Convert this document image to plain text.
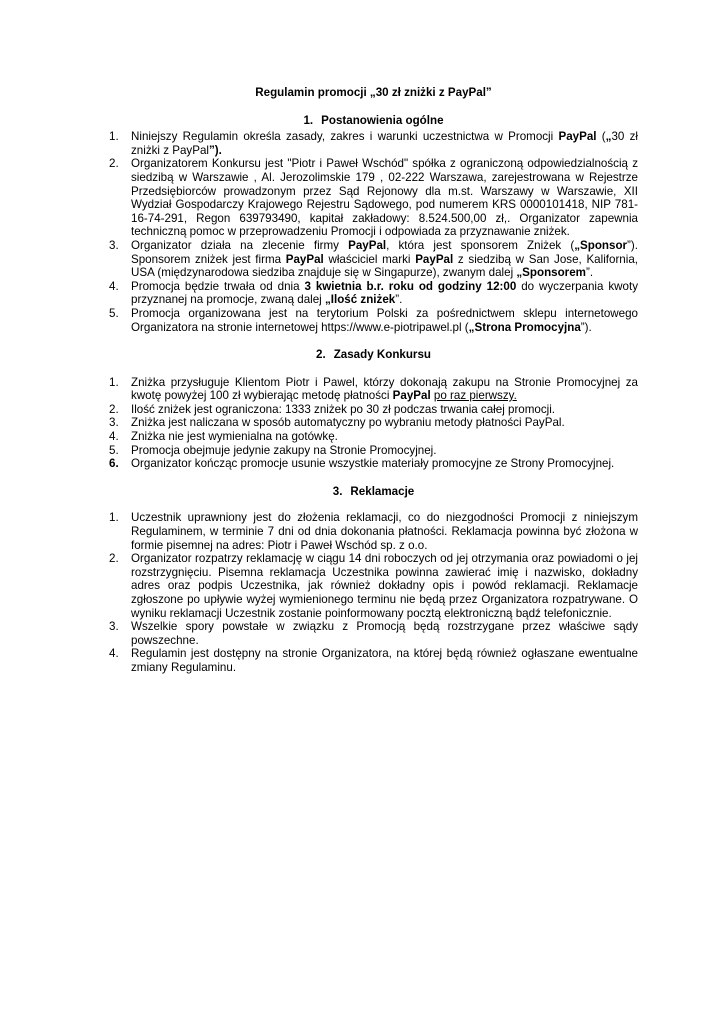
Regulamin promocji „30 zł zniżki z PayPal”
1. Postanowienia ogólne
1.	Niniejszy Regulamin określa zasady, zakres i warunki uczestnictwa w Promocji PayPal („30 zł zniżki z PayPal”).
2.	Organizatorem Konkursu jest "Piotr i Paweł Wschód" spółka z ograniczoną odpowiedzialnością z siedzibą w Warszawie , Al. Jerozolimskie 179 , 02-222 Warszawa, zarejestrowana w Rejestrze Przedsiębiorców prowadzonym przez Sąd Rejonowy dla m.st. Warszawy w Warszawie, XII Wydział Gospodarczy Krajowego Rejestru Sądowego, pod numerem KRS 0000101418, NIP 781-16-74-291, Regon 639793490, kapitał zakładowy: 8.524.500,00 zł,. Organizator zapewnia techniczną pomoc w przeprowadzeniu Promocji i odpowiada za przyznawanie zniżek.
3.	Organizator działa na zlecenie firmy PayPal, która jest sponsorem Zniżek („Sponsor”). Sponsorem zniżek jest firma PayPal właściciel marki PayPal z siedzibą w San Jose, Kalifornia, USA (międzynarodowa siedziba znajduje się w Singapurze), zwanym dalej „Sponsorem”.
4.	Promocja będzie trwała od dnia 3 kwietnia b.r. roku od godziny 12:00 do wyczerpania kwoty przyznanej na promocje, zwaną dalej „Ilość zniżek”.
5.	Promocja organizowana jest na terytorium Polski za pośrednictwem sklepu internetowego Organizatora na stronie internetowej https://www.e-piotripawel.pl („Strona Promocyjna”).
2. Zasady Konkursu
1.	Zniżka przysługuje Klientom Piotr i Pawel, którzy dokonają zakupu na Stronie Promocyjnej za kwotę powyżej 100 zł wybierając metodę płatności PayPal po raz pierwszy.
2.	Ilość zniżek jest ograniczona: 1333 zniżek po 30 zł podczas trwania całej promocji.
3.	Zniżka jest naliczana w sposób automatyczny po wybraniu metody płatności PayPal.
4.	Zniżka nie jest wymienialna na gotówkę.
5.	Promocja obejmuje jedynie zakupy na Stronie Promocyjnej.
6.	Organizator kończąc promocje usunie wszystkie materiały promocyjne ze Strony Promocyjnej.
3. Reklamacje
1.	Uczestnik uprawniony jest do złożenia reklamacji, co do niezgodności Promocji z niniejszym Regulaminem, w terminie 7 dni od dnia dokonania płatności. Reklamacja powinna być złożona w formie pisemnej na adres: Piotr i Paweł Wschód sp. z o.o.
2.	Organizator rozpatrzy reklamację w ciągu 14 dni roboczych od jej otrzymania oraz powiadomi o jej rozstrzygnięciu. Pisemna reklamacja Uczestnika powinna zawierać imię i nazwisko, dokładny adres oraz podpis Uczestnika, jak również dokładny opis i powód reklamacji. Reklamacje zgłoszone po upływie wyżej wymienionego terminu nie będą przez Organizatora rozpatrywane. O wyniku reklamacji Uczestnik zostanie poinformowany pocztą elektroniczną bądź telefonicznie.
3.	Wszelkie spory powstałe w związku z Promocją będą rozstrzygane przez właściwe sądy powszechne.
4.	Regulamin jest dostępny na stronie Organizatora, na której będą również ogłaszane ewentualne zmiany Regulaminu.
